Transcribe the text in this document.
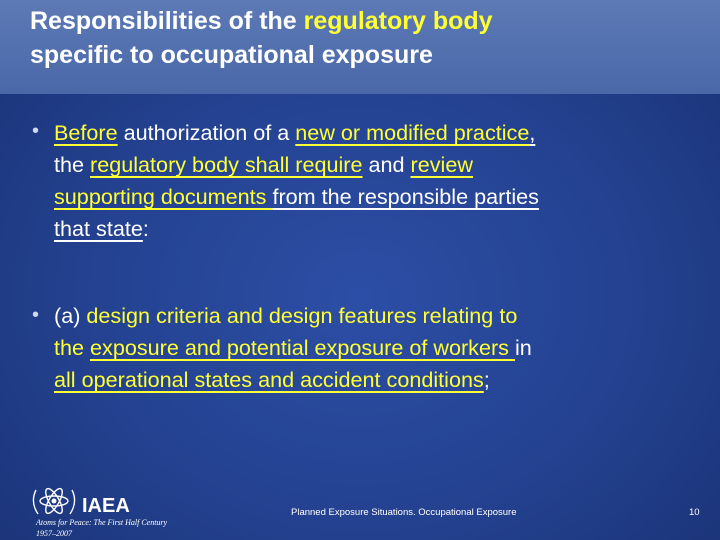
Responsibilities of the regulatory body
specific to occupational exposure
• Before authorization of a new or modified practice,
the regulatory body shall require and review
supporting documents from the responsible parties
that state:
• (a) design criteria and design features relating to
the exposure and potential exposure of workers in
all operational states and accident conditions;
IAEA
Atoms for Peace: The First Half Century
1957–2007
Planned Exposure Situations. Occupational Exposure	10
